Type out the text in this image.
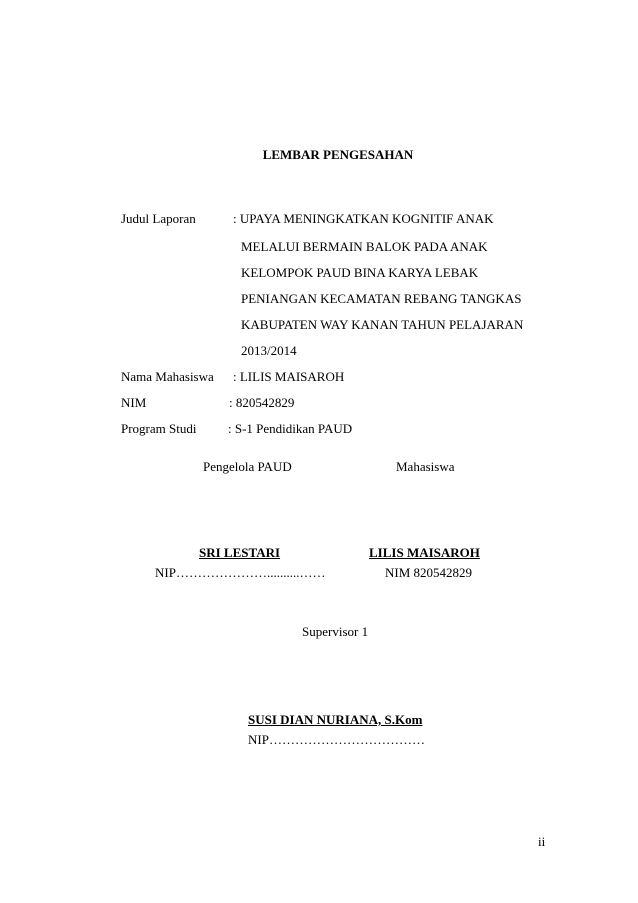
LEMBAR PENGESAHAN
Judul Laporan	: UPAYA MENINGKATKAN KOGNITIF ANAK
MELALUI BERMAIN BALOK PADA ANAK
KELOMPOK PAUD BINA KARYA LEBAK
PENIANGAN KECAMATAN REBANG TANGKAS
KABUPATEN WAY KANAN TAHUN PELAJARAN
2013/2014
Nama Mahasiswa : LILIS MAISAROH
NIM	: 820542829
Program Studi : S-1 Pendidikan PAUD
Pengelola PAUD	Mahasiswa
SRI LESTARI	LILIS MAISAROH
NIP…………………..........……	NIM 820542829
Supervisor 1
SUSI DIAN NURIANA, S.Kom
NIP………………………………
ii
